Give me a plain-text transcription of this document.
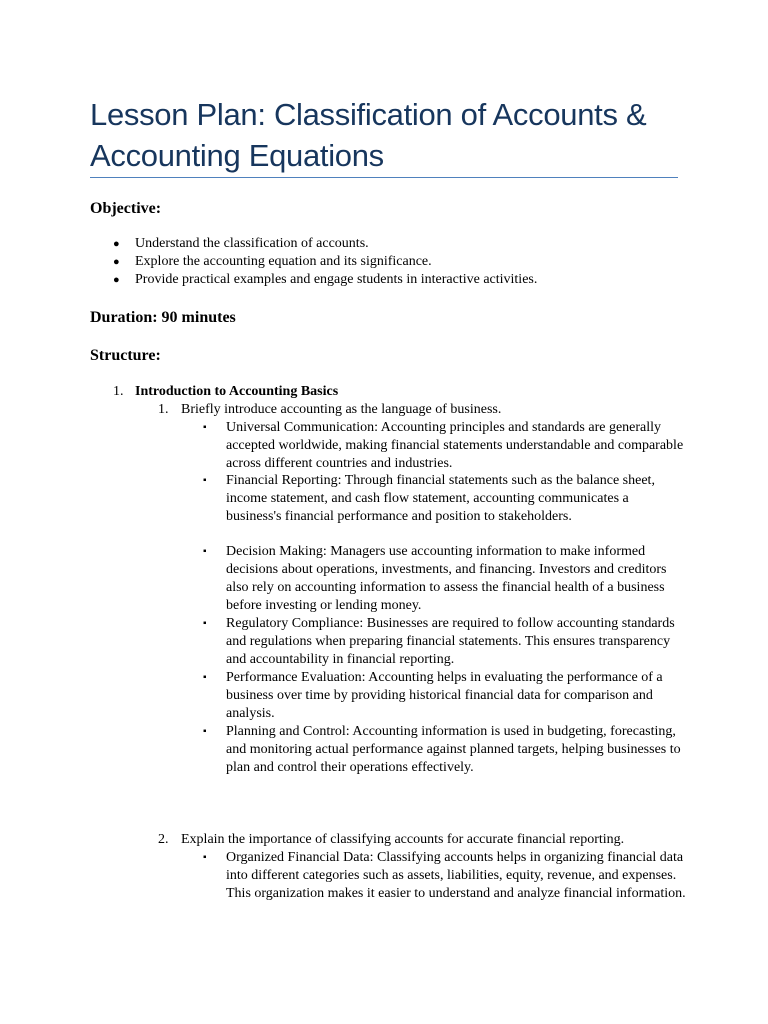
Lesson Plan: Classification of Accounts & Accounting Equations
Objective:
● Understand the classification of accounts.
● Explore the accounting equation and its significance.
● Provide practical examples and engage students in interactive activities.
Duration: 90 minutes
Structure:
1. Introduction to Accounting Basics
1. Briefly introduce accounting as the language of business.
▪ Universal Communication: Accounting principles and standards are generally accepted worldwide, making financial statements understandable and comparable across different countries and industries.
▪ Financial Reporting: Through financial statements such as the balance sheet, income statement, and cash flow statement, accounting communicates a business's financial performance and position to stakeholders.
▪ Decision Making: Managers use accounting information to make informed decisions about operations, investments, and financing. Investors and creditors also rely on accounting information to assess the financial health of a business before investing or lending money.
▪ Regulatory Compliance: Businesses are required to follow accounting standards and regulations when preparing financial statements. This ensures transparency and accountability in financial reporting.
▪ Performance Evaluation: Accounting helps in evaluating the performance of a business over time by providing historical financial data for comparison and analysis.
▪ Planning and Control: Accounting information is used in budgeting, forecasting, and monitoring actual performance against planned targets, helping businesses to plan and control their operations effectively.
2. Explain the importance of classifying accounts for accurate financial reporting.
▪ Organized Financial Data: Classifying accounts helps in organizing financial data into different categories such as assets, liabilities, equity, revenue, and expenses. This organization makes it easier to understand and analyze financial information.
